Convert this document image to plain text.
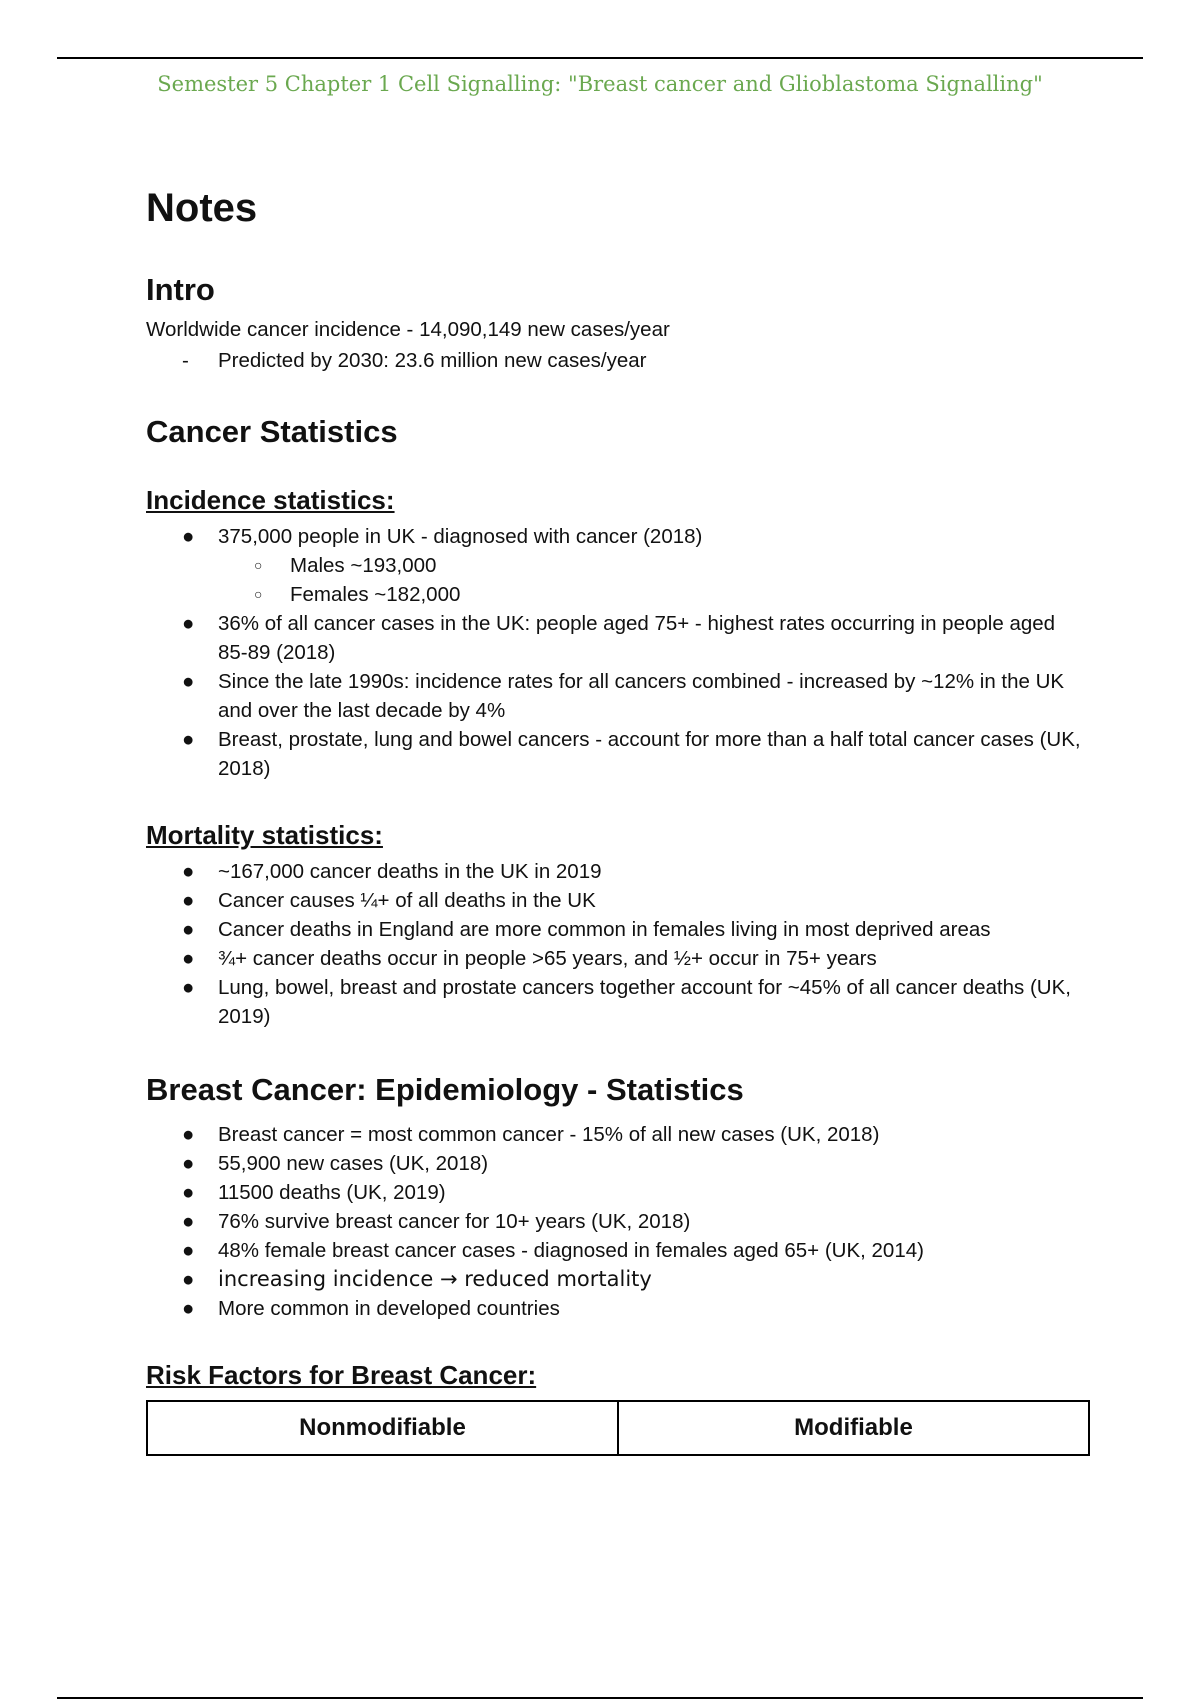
Semester 5 Chapter 1 Cell Signalling: "Breast cancer and Glioblastoma Signalling"
Notes
Intro

Worldwide cancer incidence - 14,090,149 new cases/year

- Predicted by 2030: 23.6 million new cases/year
Cancer Statistics
Incidence statistics:
● 375,000 people in UK - diagnosed with cancer (2018)
○ Males ~193,000
○ Females ~182,000
● 36% of all cancer cases in the UK: people aged 75+ - highest rates occurring in people aged 85-89 (2018)
● Since the late 1990s: incidence rates for all cancers combined - increased by ~12% in the UK and over the last decade by 4%
● Breast, prostate, lung and bowel cancers - account for more than a half total cancer cases (UK, 2018)
Mortality statistics:
● ~167,000 cancer deaths in the UK in 2019
● Cancer causes ¼+ of all deaths in the UK
● Cancer deaths in England are more common in females living in most deprived areas
● ¾+ cancer deaths occur in people >65 years, and ½+ occur in 75+ years
● Lung, bowel, breast and prostate cancers together account for ~45% of all cancer deaths (UK, 2019)
Breast Cancer: Epidemiology - Statistics
● Breast cancer = most common cancer - 15% of all new cases (UK, 2018)
● 55,900 new cases (UK, 2018)
● 11500 deaths (UK, 2019)
● 76% survive breast cancer for 10+ years (UK, 2018)
● 48% female breast cancer cases - diagnosed in females aged 65+ (UK, 2014)
● increasing incidence → reduced mortality
● More common in developed countries
Risk Factors for Breast Cancer:
Nonmodifiable	Modifiable
